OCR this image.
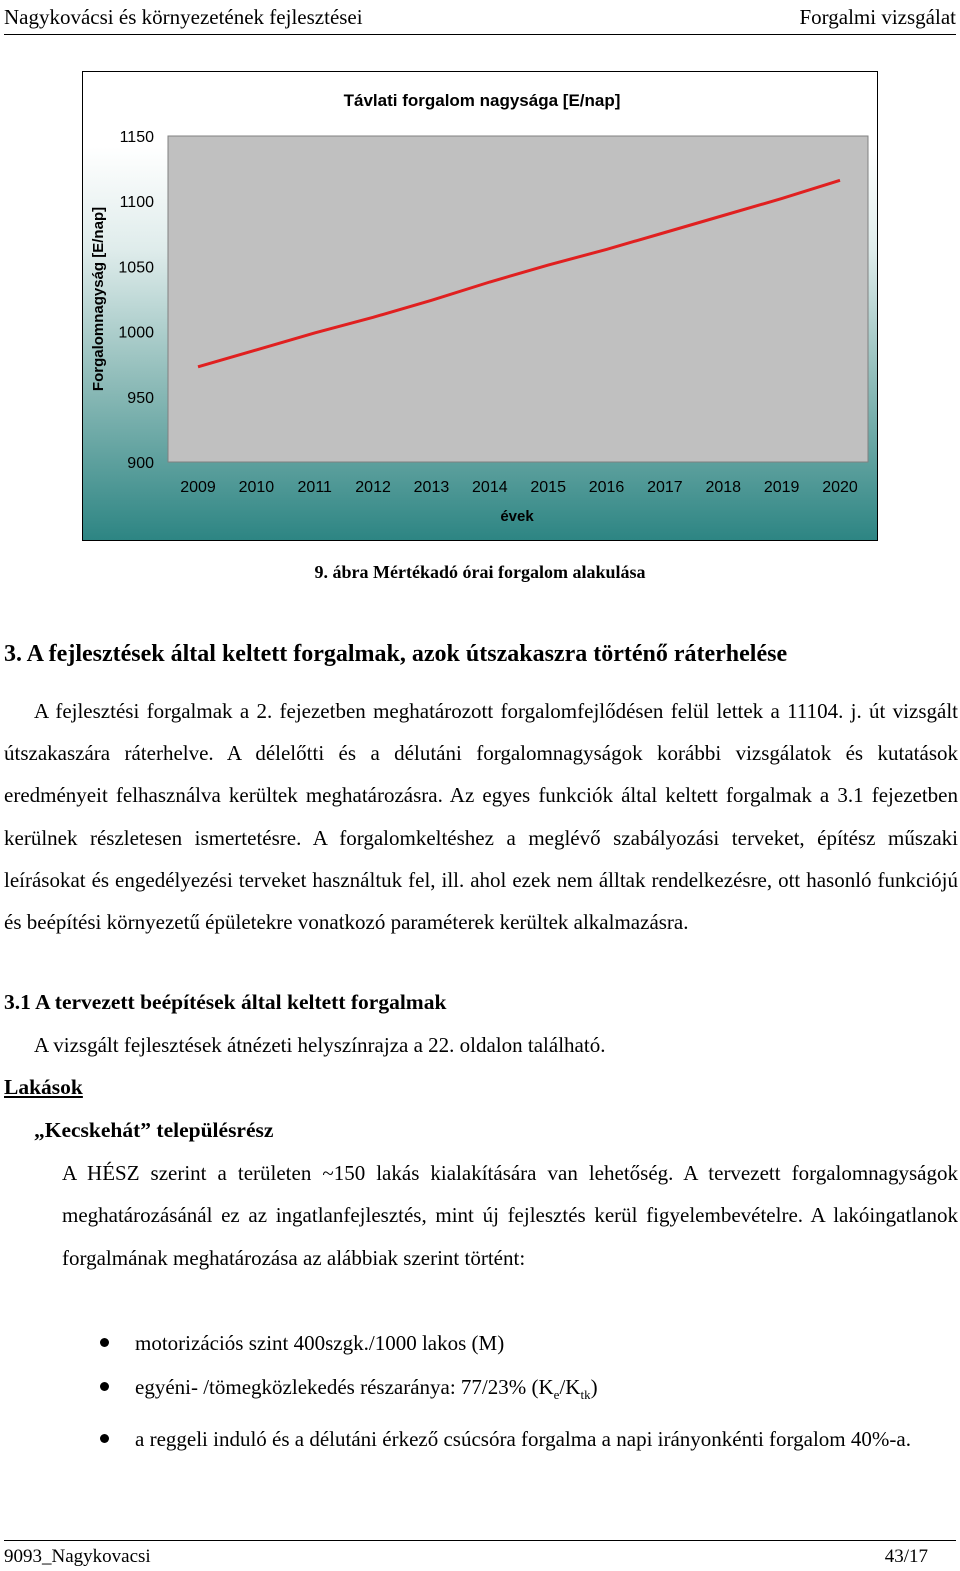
Nagykovácsi és környezetének fejlesztései	Forgalmi vizsgálat
Távlati forgalom nagysága [E/nap]
Forgalomnagyság [E/nap]
évek
900
950
1000
1050
1100
1150
2009 2010 2011 2012 2013 2014 2015 2016 2017 2018 2019 2020
9. ábra Mértékadó órai forgalom alakulása
3. A fejlesztések által keltett forgalmak, azok útszakaszra történő ráterhelése
A fejlesztési forgalmak a 2. fejezetben meghatározott forgalomfejlődésen felül lettek a 11104. j. út vizsgált útszakaszára ráterhelve. A délelőtti és a délutáni forgalomnagyságok korábbi vizsgálatok és kutatások eredményeit felhasználva kerültek meghatározásra. Az egyes funkciók által keltett forgalmak a 3.1 fejezetben kerülnek részletesen ismertetésre. A forgalomkeltéshez a meglévő szabályozási terveket, építész műszaki leírásokat és engedélyezési terveket használtuk fel, ill. ahol ezek nem álltak rendelkezésre, ott hasonló funkciójú és beépítési környezetű épületekre vonatkozó paraméterek kerültek alkalmazásra.
3.1 A tervezett beépítések által keltett forgalmak
A vizsgált fejlesztések átnézeti helyszínrajza a 22. oldalon található.
Lakások
„Kecskehát” településrész
A HÉSZ szerint a területen ~150 lakás kialakítására van lehetőség. A tervezett forgalomnagyságok meghatározásánál ez az ingatlanfejlesztés, mint új fejlesztés kerül figyelembevételre. A lakóingatlanok forgalmának meghatározása az alábbiak szerint történt:
motorizációs szint 400szgk./1000 lakos (M)
egyéni- /tömegközlekedés részaránya: 77/23% $(K_e/K_{tk})$
a reggeli induló és a délutáni érkező csúcsóra forgalma a napi irányonkénti forgalom 40%-a.
9093_Nagykovacsi	43/17
